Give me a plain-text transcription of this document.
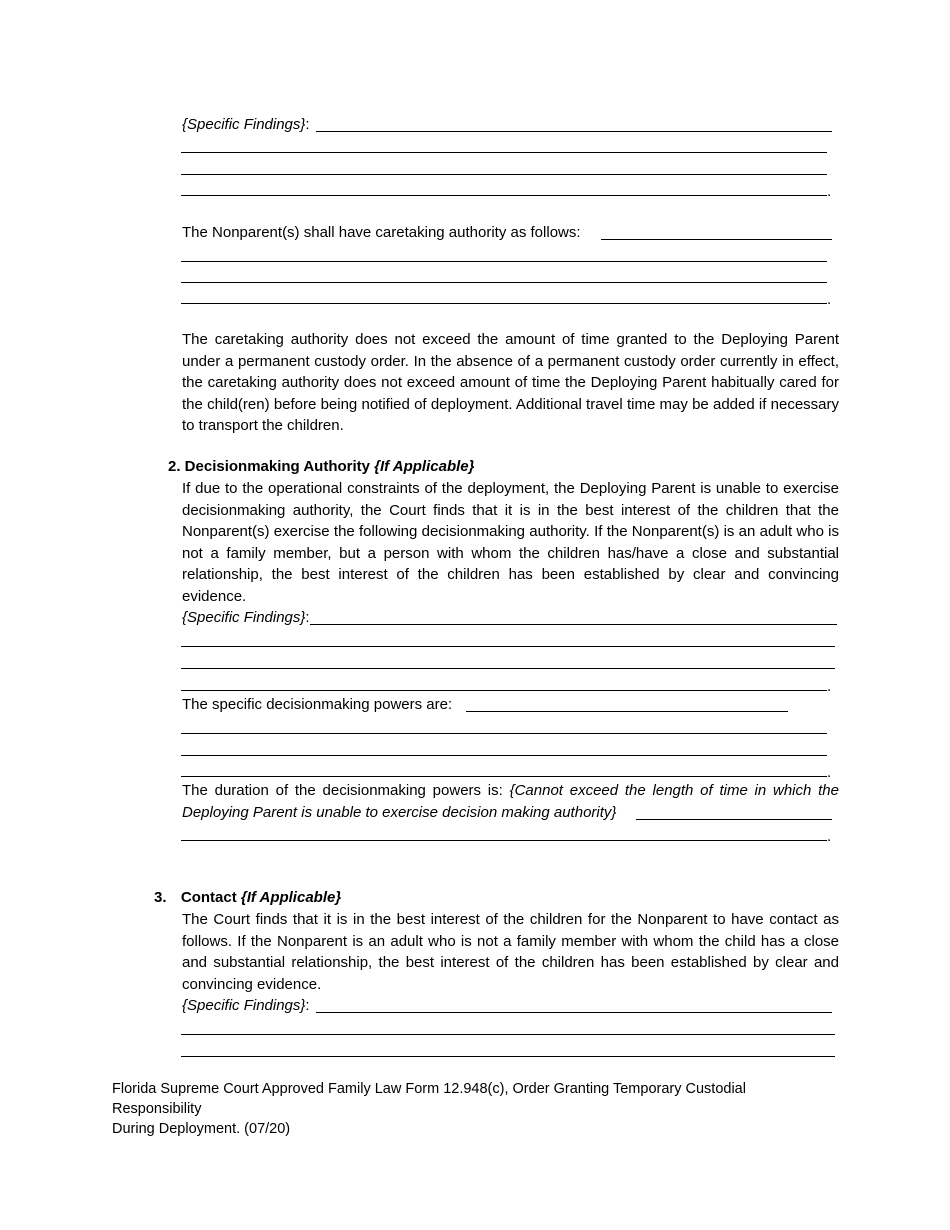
{Specific Findings}:
.
The Nonparent(s) shall have caretaking authority as follows:
.
The caretaking authority does not exceed the amount of time granted to the Deploying Parent under a permanent custody order. In the absence of a permanent custody order currently in effect, the caretaking authority does not exceed amount of time the Deploying Parent habitually cared for the child(ren) before being notified of deployment. Additional travel time may be added if necessary to transport the children.
2. Decisionmaking Authority {If Applicable}
If due to the operational constraints of the deployment, the Deploying Parent is unable to exercise decisionmaking authority, the Court finds that it is in the best interest of the children that the Nonparent(s) exercise the following decisionmaking authority. If the Nonparent(s) is an adult who is not a family member, but a person with whom the children has/have a close and substantial relationship, the best interest of the children has been established by clear and convincing evidence.
{Specific Findings}:
.
The specific decisionmaking powers are:
.
The duration of the decisionmaking powers is: {Cannot exceed the length of time in which the Deploying Parent is unable to exercise decision making authority}
.
3. Contact {If Applicable}
The Court finds that it is in the best interest of the children for the Nonparent to have contact as follows. If the Nonparent is an adult who is not a family member with whom the child has a close and substantial relationship, the best interest of the children has been established by clear and convincing evidence.
{Specific Findings}:
Florida Supreme Court Approved Family Law Form 12.948(c), Order Granting Temporary Custodial Responsibility
During Deployment. (07/20)
